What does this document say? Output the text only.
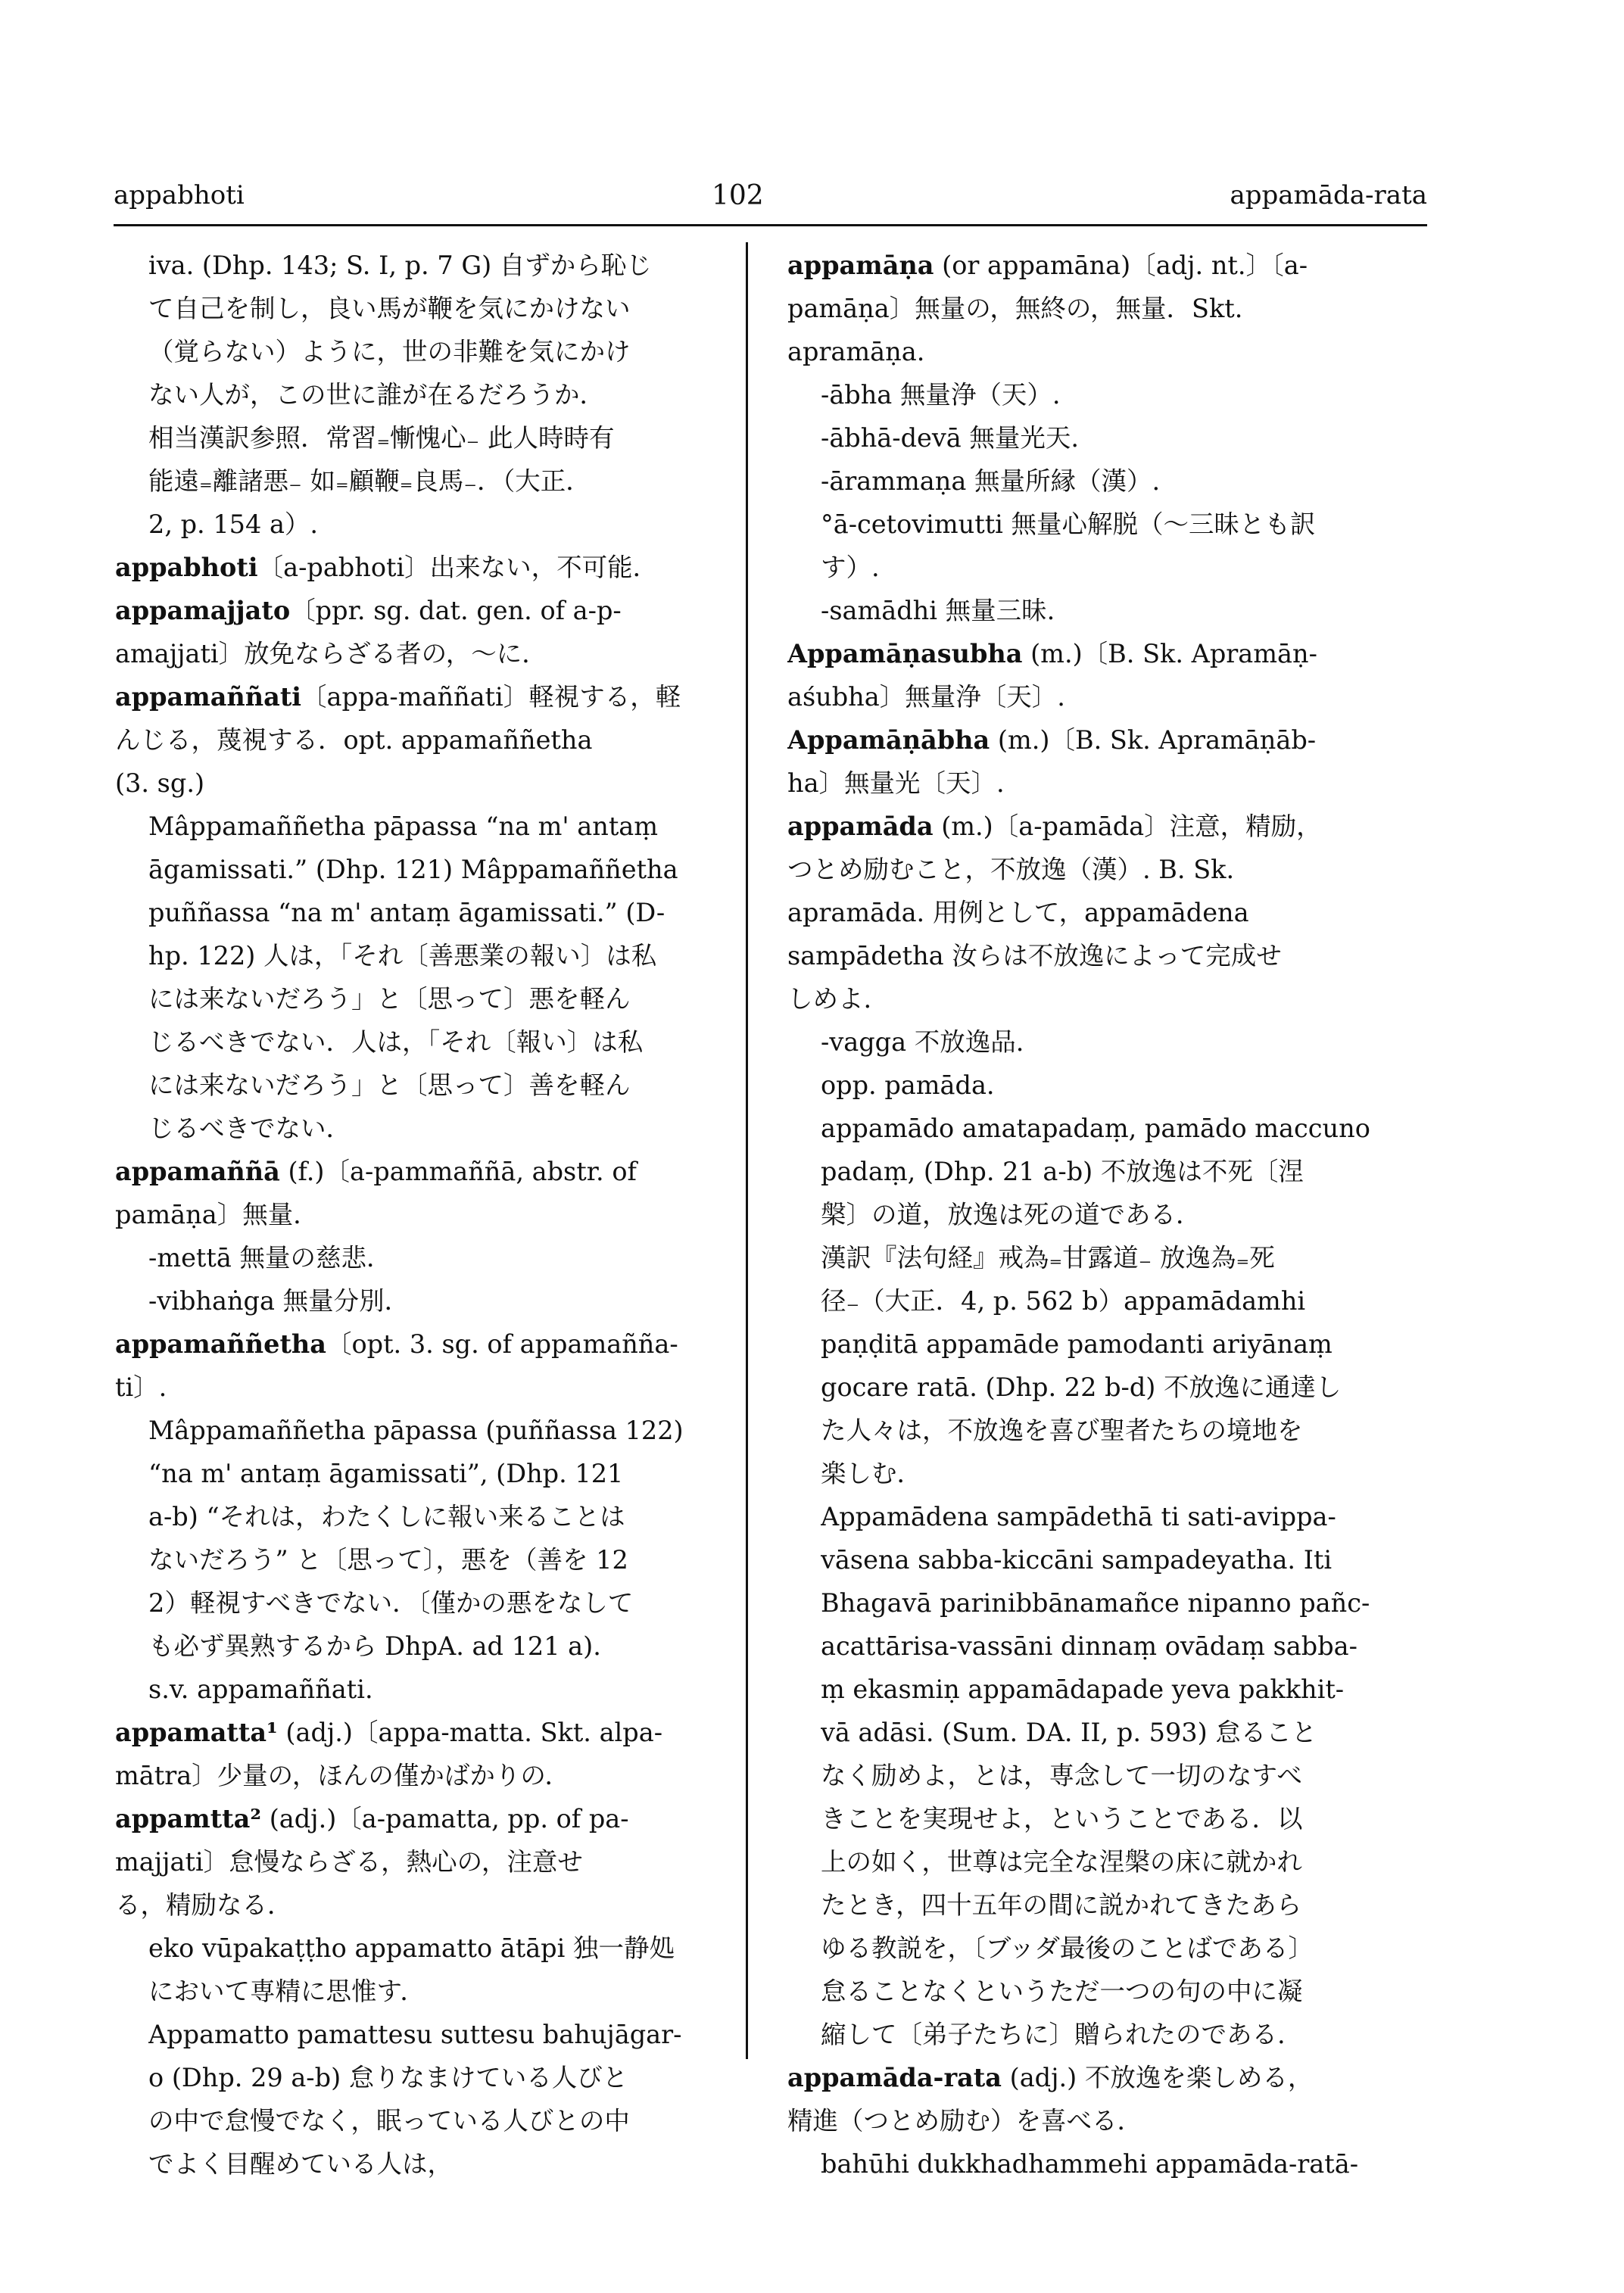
appabhoti	102	appamāda-rata
iva. (Dhp. 143; S. I, p. 7 G) 自ずから恥じ
て自己を制し，良い馬が鞭を気にかけない
（覚らない）ように，世の非難を気にかけ
ない人が，この世に誰が在るだろうか．
相当漢訳参照．常習₌慚愧心₋ 此人時時有
能遠₌離諸悪₋ 如₌顧鞭₌良馬₋．（大正．
2, p. 154 a）.
appabhoti〔a-pabhoti〕出来ない，不可能．
appamajjato〔ppr. sg. dat. gen. of a-p-
amajjati〕放免ならざる者の，～に．
appamaññati〔appa-maññati〕軽視する，軽
んじる，蔑視する．opt. appamaññetha
(3. sg.)
Mâppamaññetha pāpassa “na m' antaṃ
āgamissati.” (Dhp. 121) Mâppamaññetha
puññassa “na m' antaṃ āgamissati.” (D-
hp. 122) 人は，「それ〔善悪業の報い〕は私
には来ないだろう」と〔思って〕悪を軽ん
じるべきでない．人は，「それ〔報い〕は私
には来ないだろう」と〔思って〕善を軽ん
じるべきでない．
appamaññā (f.)〔a-pammaññā, abstr. of
pamāṇa〕無量．
-mettā 無量の慈悲．
-vibhaṅga 無量分別．
appamaññetha〔opt. 3. sg. of appamañña-
ti〕.
Mâppamaññetha pāpassa (puññassa 122)
“na m' antaṃ āgamissati”, (Dhp. 121
a-b) “それは，わたくしに報い来ることは
ないだろう” と〔思って〕，悪を（善を 12
2）軽視すべきでない．〔僅かの悪をなして
も必ず異熟するから DhpA. ad 121 a).
s.v. appamaññati.
appamatta¹ (adj.)〔appa-matta. Skt. alpa-
mātra〕少量の，ほんの僅かばかりの．
appamtta² (adj.)〔a-pamatta, pp. of pa-
majjati〕怠慢ならざる，熱心の，注意せ
る，精励なる．
eko vūpakaṭṭho appamatto ātāpi 独一静処
において専精に思惟す．
Appamatto pamattesu suttesu bahujāgar-
o (Dhp. 29 a-b) 怠りなまけている人びと
の中で怠慢でなく，眠っている人びとの中
でよく目醒めている人は，
appamāṇa (or appamāna)〔adj. nt.〕〔a-
pamāṇa〕無量の，無終の，無量．Skt.
apramāṇa.
-ābha 無量浄（天）.
-ābhā-devā 無量光天.
-ārammaṇa 無量所縁（漢）.
°ā-cetovimutti 無量心解脱（～三昧とも訳
す）.
-samādhi 無量三昧.
Appamāṇasubha (m.)〔B. Sk. Apramāṇ-
aśubha〕無量浄〔天〕.
Appamāṇābha (m.)〔B. Sk. Apramāṇāb-
ha〕無量光〔天〕.
appamāda (m.)〔a-pamāda〕注意，精励，
つとめ励むこと，不放逸（漢）. B. Sk.
apramāda. 用例として，appamādena
sampādetha 汝らは不放逸によって完成せ
しめよ.
-vagga 不放逸品.
opp. pamāda.
appamādo amatapadaṃ, pamādo maccuno
padaṃ, (Dhp. 21 a-b) 不放逸は不死〔涅
槃〕の道，放逸は死の道である．
漢訳『法句経』戒為₌甘露道₋ 放逸為₌死
径₋（大正．4, p. 562 b）appamādamhi
paṇḍitā appamāde pamodanti ariyānaṃ
gocare ratā. (Dhp. 22 b-d) 不放逸に通達し
た人々は，不放逸を喜び聖者たちの境地を
楽しむ．
Appamādena sampādethā ti sati-avippa-
vāsena sabba-kiccāni sampadeyatha. Iti
Bhagavā parinibbānamañce nipanno pañc-
acattārisa-vassāni dinnaṃ ovādaṃ sabba-
ṃ ekasmiṇ appamādapade yeva pakkhit-
vā adāsi. (Sum. DA. II, p. 593) 怠ること
なく励めよ，とは，専念して一切のなすべ
きことを実現せよ，ということである．以
上の如く，世尊は完全な涅槃の床に就かれ
たとき，四十五年の間に説かれてきたあら
ゆる教説を，〔ブッダ最後のことばである〕
怠ることなくというただ一つの句の中に凝
縮して〔弟子たちに〕贈られたのである.
appamāda-rata (adj.) 不放逸を楽しめる，
精進（つとめ励む）を喜べる．
bahūhi dukkhadhammehi appamāda-ratā-
